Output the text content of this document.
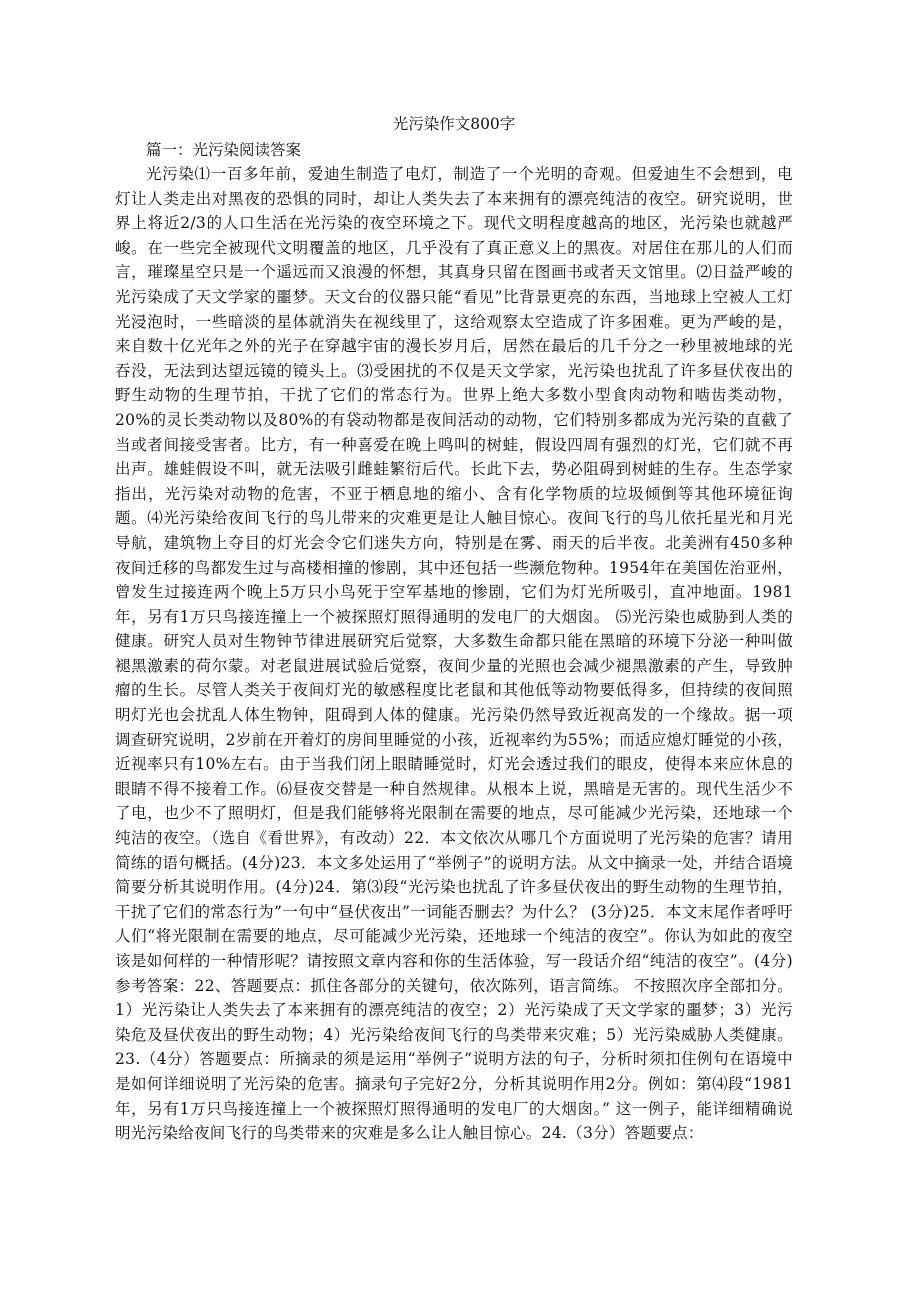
光污染作文800字

篇一：光污染阅读答案

光污染⑴一百多年前，爱迪生制造了电灯，制造了一个光明的奇观。但爱迪生不会想到，电灯让人类走出对黑夜的恐惧的同时，却让人类失去了本来拥有的漂亮纯洁的夜空。研究说明，世界上将近2/3的人口生活在光污染的夜空环境之下。现代文明程度越高的地区，光污染也就越严峻。在一些完全被现代文明覆盖的地区，几乎没有了真正意义上的黑夜。对居住在那儿的人们而言，璀璨星空只是一个遥远而又浪漫的怀想，其真身只留在图画书或者天文馆里。⑵日益严峻的光污染成了天文学家的噩梦。天文台的仪器只能“看见”比背景更亮的东西，当地球上空被人工灯光浸泡时，一些暗淡的星体就消失在视线里了，这给观察太空造成了许多困难。更为严峻的是，来自数十亿光年之外的光子在穿越宇宙的漫长岁月后，居然在最后的几千分之一秒里被地球的光吞没，无法到达望远镜的镜头上。⑶受困扰的不仅是天文学家，光污染也扰乱了许多昼伏夜出的野生动物的生理节拍，干扰了它们的常态行为。世界上绝大多数小型食肉动物和啮齿类动物，20%的灵长类动物以及80%的有袋动物都是夜间活动的动物，它们特别多都成为光污染的直截了当或者间接受害者。比方，有一种喜爱在晚上鸣叫的树蛙，假设四周有强烈的灯光，它们就不再出声。雄蛙假设不叫，就无法吸引雌蛙繁衍后代。长此下去，势必阻碍到树蛙的生存。生态学家指出，光污染对动物的危害，不亚于栖息地的缩小、含有化学物质的垃圾倾倒等其他环境征询题。⑷光污染给夜间飞行的鸟儿带来的灾难更是让人触目惊心。夜间飞行的鸟儿依托星光和月光导航，建筑物上夺目的灯光会令它们迷失方向，特别是在雾、雨天的后半夜。北美洲有450多种夜间迁移的鸟都发生过与高楼相撞的惨剧，其中还包括一些濒危物种。1954年在美国佐治亚州，曾发生过接连两个晚上5万只小鸟死于空军基地的惨剧，它们为灯光所吸引，直冲地面。1981年，另有1万只鸟接连撞上一个被探照灯照得通明的发电厂的大烟囱。 ⑸光污染也威胁到人类的健康。研究人员对生物钟节律进展研究后觉察，大多数生命都只能在黑暗的环境下分泌一种叫做褪黑激素的荷尔蒙。对老鼠进展试验后觉察，夜间少量的光照也会减少褪黑激素的产生，导致肿瘤的生长。尽管人类关于夜间灯光的敏感程度比老鼠和其他低等动物要低得多，但持续的夜间照明灯光也会扰乱人体生物钟，阻碍到人体的健康。光污染仍然导致近视高发的一个缘故。据一项调查研究说明，2岁前在开着灯的房间里睡觉的小孩，近视率约为55%；而适应熄灯睡觉的小孩，近视率只有10%左右。由于当我们闭上眼睛睡觉时，灯光会透过我们的眼皮，使得本来应休息的眼睛不得不接着工作。⑹昼夜交替是一种自然规律。从根本上说，黑暗是无害的。现代生活少不了电，也少不了照明灯，但是我们能够将光限制在需要的地点，尽可能减少光污染，还地球一个纯洁的夜空。（选自《看世界》，有改动）22．本文依次从哪几个方面说明了光污染的危害？请用简练的语句概括。(4分)23．本文多处运用了“举例子”的说明方法。从文中摘录一处，并结合语境简要分析其说明作用。(4分)24．第⑶段“光污染也扰乱了许多昼伏夜出的野生动物的生理节拍，干扰了它们的常态行为”一句中“昼伏夜出”一词能否删去？为什么？ (3分)25．本文末尾作者呼吁人们“将光限制在需要的地点，尽可能减少光污染，还地球一个纯洁的夜空”。你认为如此的夜空该是如何样的一种情形呢？请按照文章内容和你的生活体验，写一段话介绍“纯洁的夜空”。(4分) 参考答案：22、答题要点：抓住各部分的关键句，依次陈列，语言简练。 不按照次序全部扣分。1）光污染让人类失去了本来拥有的漂亮纯洁的夜空；2）光污染成了天文学家的噩梦；3）光污染危及昼伏夜出的野生动物；4）光污染给夜间飞行的鸟类带来灾难；5）光污染威胁人类健康。23.（4分）答题要点：所摘录的须是运用“举例子”说明方法的句子，分析时须扣住例句在语境中是如何详细说明了光污染的危害。摘录句子完好2分，分析其说明作用2分。例如：第⑷段“1981年，另有1万只鸟接连撞上一个被探照灯照得通明的发电厂的大烟囱。” 这一例子，能详细精确说明光污染给夜间飞行的鸟类带来的灾难是多么让人触目惊心。24.（3分）答题要点：
